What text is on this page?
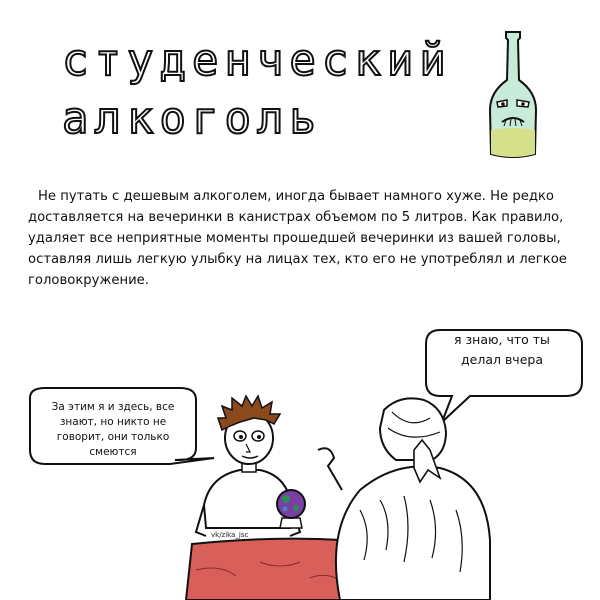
студенческий
алкоголь

Не путать с дешевым алкоголем, иногда бывает намного хуже. Не редко доставляется на вечеринки в канистрах объемом по 5 литров. Как правило, удаляет все неприятные моменты прошедшей вечеринки из вашей головы, оставляя лишь легкую улыбку на лицах тех, кто его не употреблял и легкое головокружение.

За этим я и здесь, все знают, но никто не говорит, они только смеются
я знаю, что ты делал вчера
vk/zika_jsc
